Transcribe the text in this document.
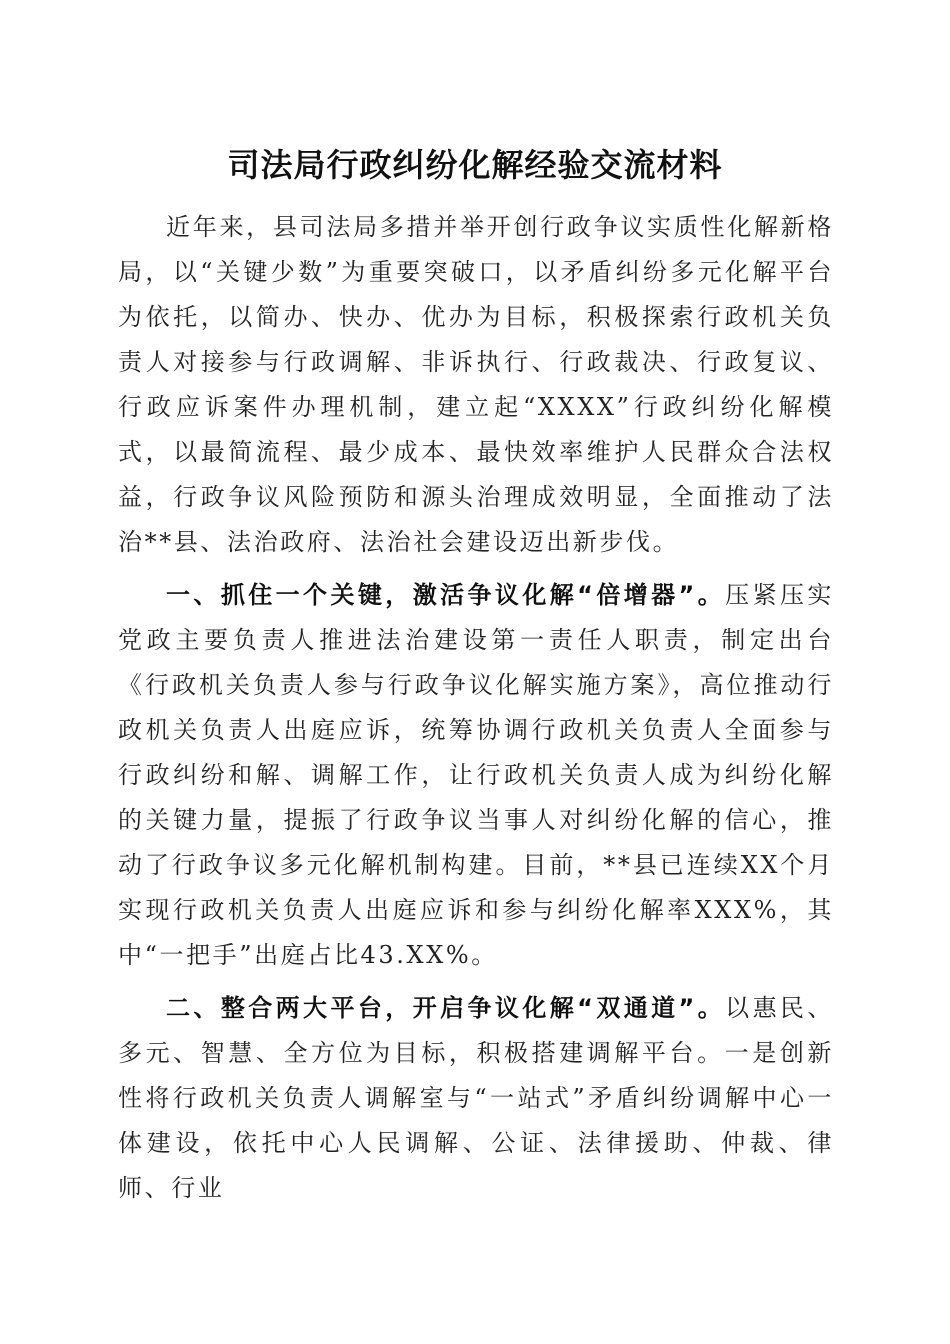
司法局行政纠纷化解经验交流材料

近年来，县司法局多措并举开创行政争议实质性化解新格局，以“关键少数”为重要突破口，以矛盾纠纷多元化解平台为依托，以简办、快办、优办为目标，积极探索行政机关负责人对接参与行政调解、非诉执行、行政裁决、行政复议、行政应诉案件办理机制，建立起“XXXX”行政纠纷化解模式，以最简流程、最少成本、最快效率维护人民群众合法权益，行政争议风险预防和源头治理成效明显，全面推动了法治**县、法治政府、法治社会建设迈出新步伐。

一、抓住一个关键，激活争议化解“倍增器”。压紧压实党政主要负责人推进法治建设第一责任人职责，制定出台《行政机关负责人参与行政争议化解实施方案》，高位推动行政机关负责人出庭应诉，统筹协调行政机关负责人全面参与行政纠纷和解、调解工作，让行政机关负责人成为纠纷化解的关键力量，提振了行政争议当事人对纠纷化解的信心，推动了行政争议多元化解机制构建。目前，**县已连续XX个月实现行政机关负责人出庭应诉和参与纠纷化解率XXX%，其中“一把手”出庭占比43.XX%。

二、整合两大平台，开启争议化解“双通道”。以惠民、多元、智慧、全方位为目标，积极搭建调解平台。一是创新性将行政机关负责人调解室与“一站式”矛盾纠纷调解中心一体建设，依托中心人民调解、公证、法律援助、仲裁、律师、行业
